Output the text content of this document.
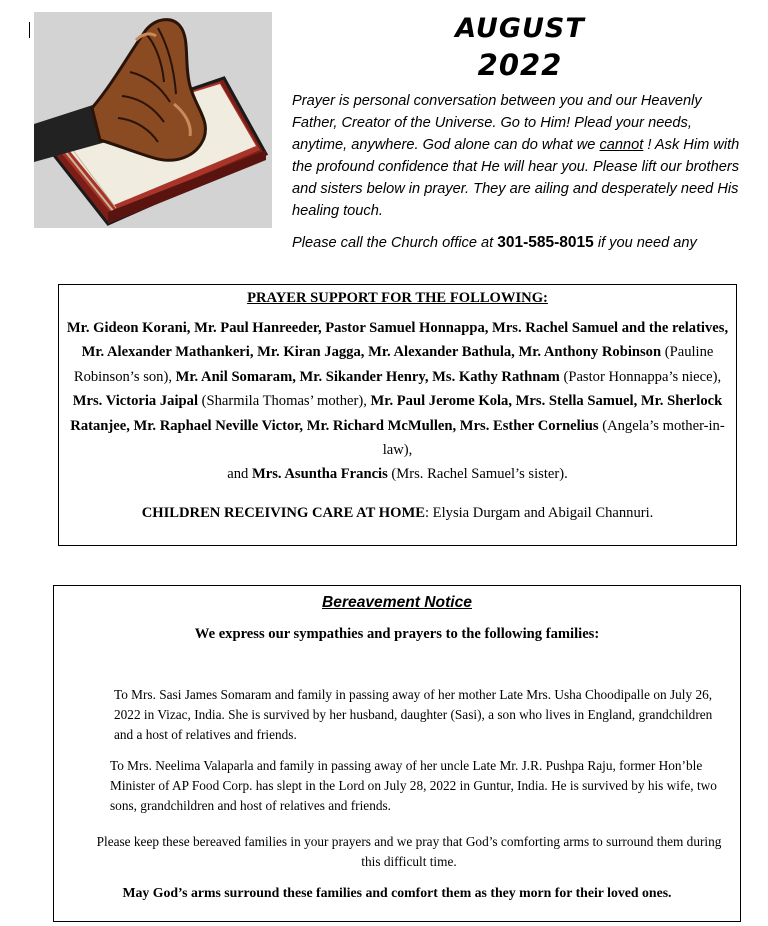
AUGUST
2022

Prayer is personal conversation between you and our Heavenly Father, Creator of the Universe. Go to Him! Plead your needs, anytime, anywhere. God alone can do what we cannot ! Ask Him with the profound confidence that He will hear you. Please lift our brothers and sisters below in prayer. They are ailing and desperately need His healing touch.

Please call the Church office at 301-585-8015 if you need any
PRAYER SUPPORT FOR THE FOLLOWING:
Mr. Gideon Korani, Mr. Paul Hanreeder, Pastor Samuel Honnappa, Mrs. Rachel Samuel and the relatives, Mr. Alexander Mathankeri, Mr. Kiran Jagga, Mr. Alexander Bathula, Mr. Anthony Robinson (Pauline Robinson’s son), Mr. Anil Somaram, Mr. Sikander Henry, Ms. Kathy Rathnam (Pastor Honnappa’s niece), Mrs. Victoria Jaipal (Sharmila Thomas’ mother), Mr. Paul Jerome Kola, Mrs. Stella Samuel, Mr. Sherlock Ratanjee, Mr. Raphael Neville Victor, Mr. Richard McMullen, Mrs. Esther Cornelius (Angela’s mother-in-law),
and Mrs. Asuntha Francis (Mrs. Rachel Samuel’s sister).
CHILDREN RECEIVING CARE AT HOME: Elysia Durgam and Abigail Channuri.
Bereavement Notice
We express our sympathies and prayers to the following families:
To Mrs. Sasi James Somaram and family in passing away of her mother Late Mrs. Usha Choodipalle on July 26, 2022 in Vizac, India. She is survived by her husband, daughter (Sasi), a son who lives in England, grandchildren and a host of relatives and friends.
To Mrs. Neelima Valaparla and family in passing away of her uncle Late Mr. J.R. Pushpa Raju, former Hon’ble Minister of AP Food Corp. has slept in the Lord on July 28, 2022 in Guntur, India. He is survived by his wife, two sons, grandchildren and host of relatives and friends.
Please keep these bereaved families in your prayers and we pray that God’s comforting arms to surround them during this difficult time.
May God’s arms surround these families and comfort them as they morn for their loved ones.
